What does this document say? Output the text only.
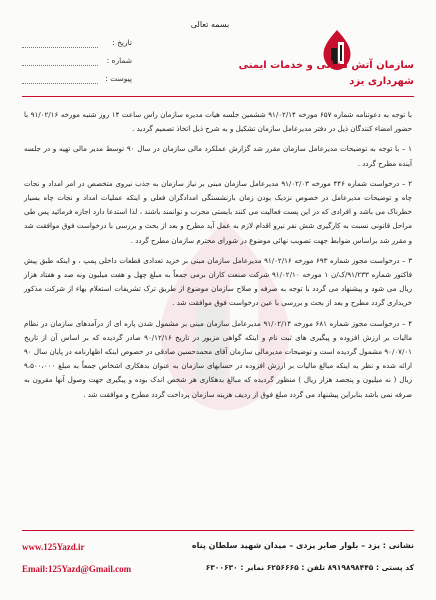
بسمه تعالی
سازمان آتش نشانی و خدمات ایمنی
شهرداری یزد
تاریخ :
شماره :
پیوست :

با توجه به دعوتنامه شماره ۶۵۷ مورخه ۹۱/۰۲/۱۴ ششمین جلسه هیات مدیره سازمان راس ساعت ۱۴ روز شنبه مورخه ۹۱/۰۲/۱۶ با حضور امضاء کنندگان ذیل در دفتر مدیرعامل سازمان تشکیل و به شرح ذیل اتخاذ تصمیم گردید .

۱ – با توجه به توضیحات مدیرعامل سازمان مقرر شد گزارش عملکرد مالی سازمان در سال ۹۰ توسط مدیر مالی تهیه و در جلسه آینده مطرح گردد .

۲ – درخواست شماره ۴۴۶ مورخه ۹۱/۰۲/۰۳ مدیرعامل سازمان مبنی بر نیاز سازمان به جذب نیروی متخصص در امر امداد و نجات چاه و توضیحات مدیرعامل در خصوص نزدیک بودن زمان بازنشستگی امدادگران فعلی و اینکه عملیات امداد و نجات چاه بسیار خطرناک می باشد و افرادی که در این پست فعالیت می کنند بایستی مجرب و توانمند باشند ، لذا استدعا دارد اجازه فرمائید پس طی مراحل قانونی نسبت به کارگیری شش نفر نیرو اقدام لازم به عمل آید مطرح و بعد از بحث و بررسی با درخواست فوق موافقت شد و مقرر شد براساس ضوابط جهت تصویب نهائی موضوع در شورای محترم سازمان مطرح گردد .

۳ – درخواست مجوز شماره ۶۹۳ مورخه ۹۱/۰۲/۱۶ مدیرعامل سازمان مبنی بر خرید تعدادی قطعات داخلی پمپ ، و اینکه طبق پیش فاکتور شماره ۹۱/۲۳۳/ک/ن ۱ مورخه ۹۱/۰۲/۱۰ شرکت صنعت کاران برمی جمعاً به مبلغ چهل و هفت میلیون ونه صد و هفتاد هزار ریال می شود و پیشنهاد می گردد با توجه به صرفه و صلاح سازمان موضوع از طریق ترک تشریفات استعلام بهاء از شرکت مذکور خریداری گردد مطرح و بعد از بحث و بررسی با عین درخواست فوق موافقت شد .

۴ – درخواست مجوز شماره ۶۸۱ مورخه ۹۱/۰۲/۱۴ مدیرعامل سازمان مبنی بر مشمول شدن پاره ای از درآمدهای سازمان در نظام مالیات بر ارزش افزوده و پیگیری های ثبت نام و اینکه گواهی مزبور در تاریخ ۹۰/۱۲/۱۶ صادر گردیده که بر اساس آن از تاریخ ۹۰/۰۷/۰۱ مشمول گردیده است و توضیحات مدیرمالی سازمان آقای محمدحسین صادقی در خصوص اینکه اظهارنامه در پایان سال ۹۰ ارائه شده و نظر به اینکه مبالغ مالیات بر ارزش افزوده در حسابهای سازمان به عنوان بدهکاری اشخاص جمعاً به مبلغ ۹،۵۰۰،۰۰۰ ریال ( نه میلیون و پنجصد هزار ریال ) منظور گردیده که مبالغ بدهکاری هر شخص اندک بوده و پیگیری جهت وصول آنها مقرون به صرفه نمی باشد بنابراین پیشنهاد می گردد مبلغ فوق از ردیف هزینه سازمان پرداخت گردد مطرح و موافقت شد .

www.125Yazd.ir
Email:125Yazd@Gmail.com
نشانی : یزد – بلوار صابر یزدی – میدان شهید سلطان پناه
کد پستی : ۸۹۱۹۸۹۸۴۴۵ تلفن : ۶۲۵۶۶۶۵ نمابر : ۶۳۰۰۶۳۰
